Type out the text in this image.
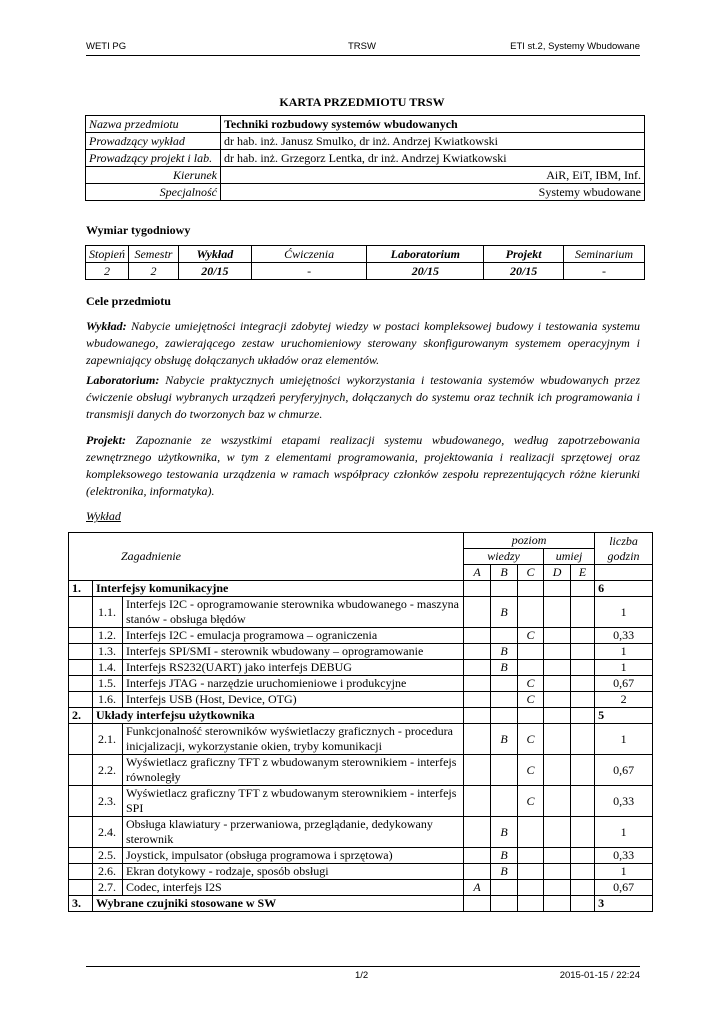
WETI PG	TRSW	ETI st.2, Systemy Wbudowane
KARTA PRZEDMIOTU TRSW
Nazwa przedmiotu	Techniki rozbudowy systemów wbudowanych
Prowadzący wykład	dr hab. inż. Janusz Smulko, dr inż. Andrzej Kwiatkowski
Prowadzący projekt i lab.	dr hab. inż. Grzegorz Lentka, dr inż. Andrzej Kwiatkowski
Kierunek	AiR, EiT, IBM, Inf.
Specjalność	Systemy wbudowane
Wymiar tygodniowy
Stopień	Semestr	Wykład	Ćwiczenia	Laboratorium	Projekt	Seminarium
2	2	20/15	-	20/15	20/15	-
Cele przedmiotu
Wykład: Nabycie umiejętności integracji zdobytej wiedzy w postaci kompleksowej budowy i testowania systemu wbudowanego, zawierającego zestaw uruchomieniowy sterowany skonfigurowanym systemem operacyjnym i zapewniający obsługę dołączanych układów oraz elementów.
Laboratorium: Nabycie praktycznych umiejętności wykorzystania i testowania systemów wbudowanych przez ćwiczenie obsługi wybranych urządzeń peryferyjnych, dołączanych do systemu oraz technik ich programowania i transmisji danych do tworzonych baz w chmurze.
Projekt: Zapoznanie ze wszystkimi etapami realizacji systemu wbudowanego, według zapotrzebowania zewnętrznego użytkownika, w tym z elementami programowania, projektowania i realizacji sprzętowej oraz kompleksowego testowania urządzenia w ramach współpracy członków zespołu reprezentujących różne kierunki (elektronika, informatyka).
Wykład
Zagadnienie			poziom					liczba
godzin

			wiedzy			umiej		
			A	B	C	D	E	
1.	Interfejsy komunikacyjne							6
	1.1.	Interfejs I2C - oprogramowanie sterownika wbudowanego - maszyna stanów - obsługa błędów		B				1
	1.2.	Interfejs I2C - emulacja programowa – ograniczenia			C			0,33
	1.3.	Interfejs SPI/SMI - sterownik wbudowany – oprogramowanie		B				1
	1.4.	Interfejs RS232(UART) jako interfejs DEBUG		B				1
	1.5.	Interfejs JTAG - narzędzie uruchomieniowe i produkcyjne			C			0,67
	1.6.	Interfejs USB (Host, Device, OTG)			C			2
2.	Układy interfejsu użytkownika							5
	2.1.	Funkcjonalność sterowników wyświetlaczy graficznych - procedura inicjalizacji, wykorzystanie okien, tryby komunikacji		B	C			1
	2.2.	Wyświetlacz graficzny TFT z wbudowanym sterownikiem - interfejs równoległy			C			0,67
	2.3.	Wyświetlacz graficzny TFT z wbudowanym sterownikiem - interfejs SPI			C			0,33
	2.4.	Obsługa klawiatury - przerwaniowa, przeglądanie, dedykowany sterownik		B				1
	2.5.	Joystick, impulsator (obsługa programowa i sprzętowa)		B				0,33
	2.6.	Ekran dotykowy - rodzaje, sposób obsługi		B				1
	2.7.	Codec, interfejs I2S	A					0,67
3.	Wybrane czujniki stosowane w SW							3
1/2	2015-01-15 / 22:24
